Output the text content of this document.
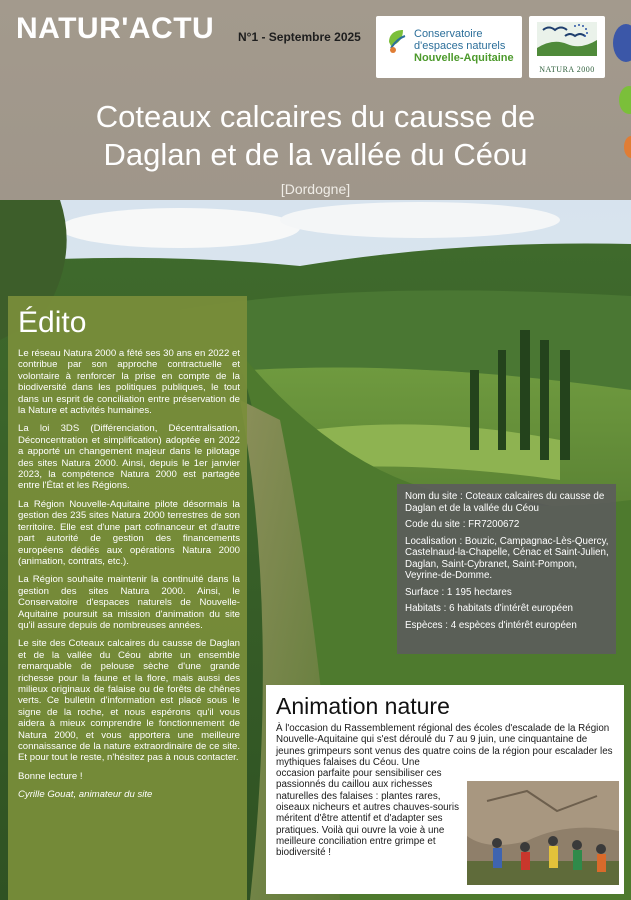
NATUR'ACTU N°1 - Septembre 2025	Conservatoire
d'espaces naturels
Nouvelle-Aquitaine
NATURA 2000
Coteaux calcaires du causse de
Daglan et de la vallée du Céou
[Dordogne]
Édito

Le réseau Natura 2000 a fêté ses 30 ans en 2022 et contribue par son approche contractuelle et volontaire à renforcer la prise en compte de la biodiversité dans les politiques publiques, le tout dans un esprit de conciliation entre préservation de la Nature et activités humaines.

La loi 3DS (Différenciation, Décentralisation, Déconcentration et simplification) adoptée en 2022 a apporté un changement majeur dans le pilotage des sites Natura 2000. Ainsi, depuis le 1er janvier 2023, la compétence Natura 2000 est partagée entre l'État et les Régions.

La Région Nouvelle-Aquitaine pilote désormais la gestion des 235 sites Natura 2000 terrestres de son territoire. Elle est d'une part cofinanceur et d'autre part autorité de gestion des financements européens dédiés aux opérations Natura 2000 (animation, contrats, etc.).

La Région souhaite maintenir la continuité dans la gestion des sites Natura 2000. Ainsi, le Conservatoire d'espaces naturels de Nouvelle-Aquitaine poursuit sa mission d'animation du site qu'il assure depuis de nombreuses années.

Le site des Coteaux calcaires du causse de Daglan et de la vallée du Céou abrite un ensemble remarquable de pelouse sèche d'une grande richesse pour la faune et la flore, mais aussi des milieux originaux de falaise ou de forêts de chênes verts. Ce bulletin d'information est placé sous le signe de la roche, et nous espérons qu'il vous aidera à mieux comprendre le fonctionnement de Natura 2000, et vous apportera une meilleure connaissance de la nature extraordinaire de ce site. Et pour tout le reste, n'hésitez pas à nous contacter.

Bonne lecture !

Cyrille Gouat, animateur du site

Nom du site : Coteaux calcaires du causse de Daglan et de la vallée du Céou
Code du site : FR7200672
Localisation : Bouzic, Campagnac-Lès-Quercy, Castelnaud-la-Chapelle, Cénac et Saint-Julien, Daglan, Saint-Cybranet, Saint-Pompon, Veyrine-de-Domme.
Surface : 1 195 hectares
Habitats : 6 habitats d'intérêt européen
Espèces : 4 espèces d'intérêt européen
Animation nature

À l'occasion du Rassemblement régional des écoles d'escalade de la Région Nouvelle-Aquitaine qui s'est déroulé du 7 au 9 juin, une cinquantaine de jeunes grimpeurs sont venus des quatre coins de la région pour escalader les mythiques falaises du Céou. Une

occasion parfaite pour sensibiliser ces passionnés du caillou aux richesses naturelles des falaises : plantes rares, oiseaux nicheurs et autres chauves-souris méritent d'être attentif et d'adapter ses pratiques. Voilà qui ouvre la voie à une meilleure conciliation entre grimpe et biodiversité !
